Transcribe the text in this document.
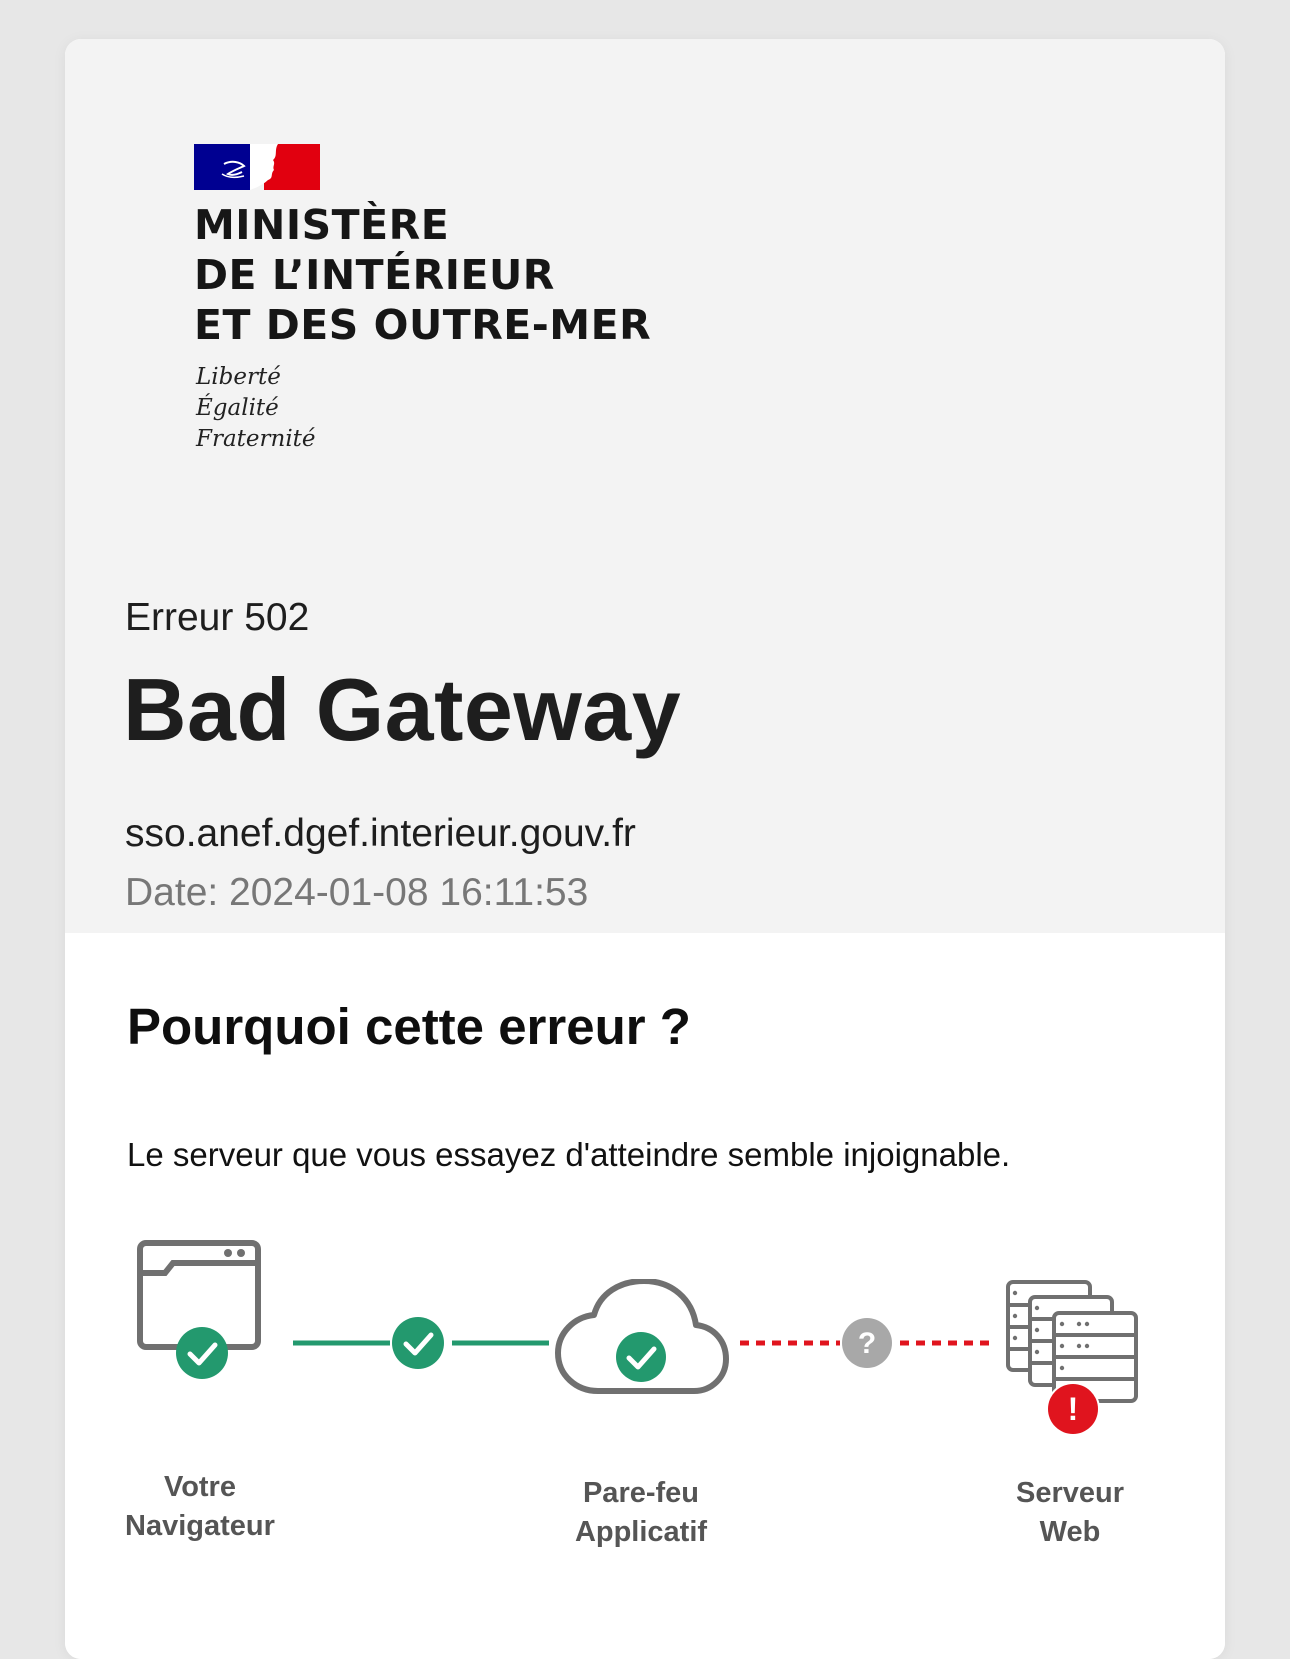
MINISTÈRE
DE L’INTÉRIEUR
ET DES OUTRE-MER
Liberté
Égalité
Fraternité
Erreur 502
Bad Gateway
sso.anef.dgef.interieur.gouv.fr
Date: 2024-01-08 16:11:53
Pourquoi cette erreur ?

Le serveur que vous essayez d'atteindre semble injoignable.

?
!
Votre
Navigateur
Pare-feu
Applicatif
Serveur
Web
